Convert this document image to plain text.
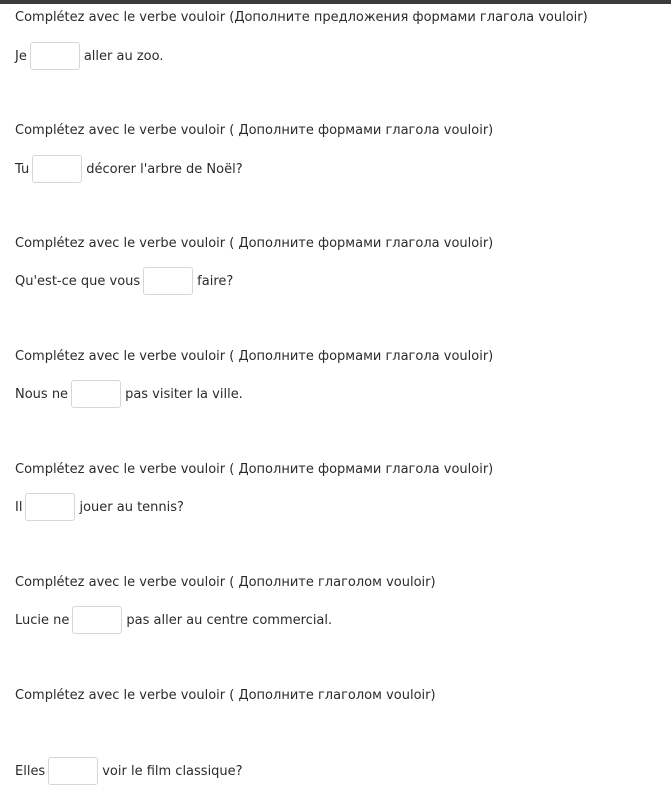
Complétez avec le verbe vouloir (Дополните предложения формами глагола vouloir)
Je	aller au zoo.
Complétez avec le verbe vouloir ( Дополните формами глагола vouloir)
Tu	décorer l'arbre de Noël?
Complétez avec le verbe vouloir ( Дополните формами глагола vouloir)
Qu'est-ce que vous	faire?
Complétez avec le verbe vouloir ( Дополните формами глагола vouloir)
Nous ne	pas visiter la ville.
Complétez avec le verbe vouloir ( Дополните формами глагола vouloir)
Il	jouer au tennis?
Complétez avec le verbe vouloir ( Дополните глаголом vouloir)
Lucie ne	pas aller au centre commercial.
Complétez avec le verbe vouloir ( Дополните глаголом vouloir)
Elles	voir le film classique?
